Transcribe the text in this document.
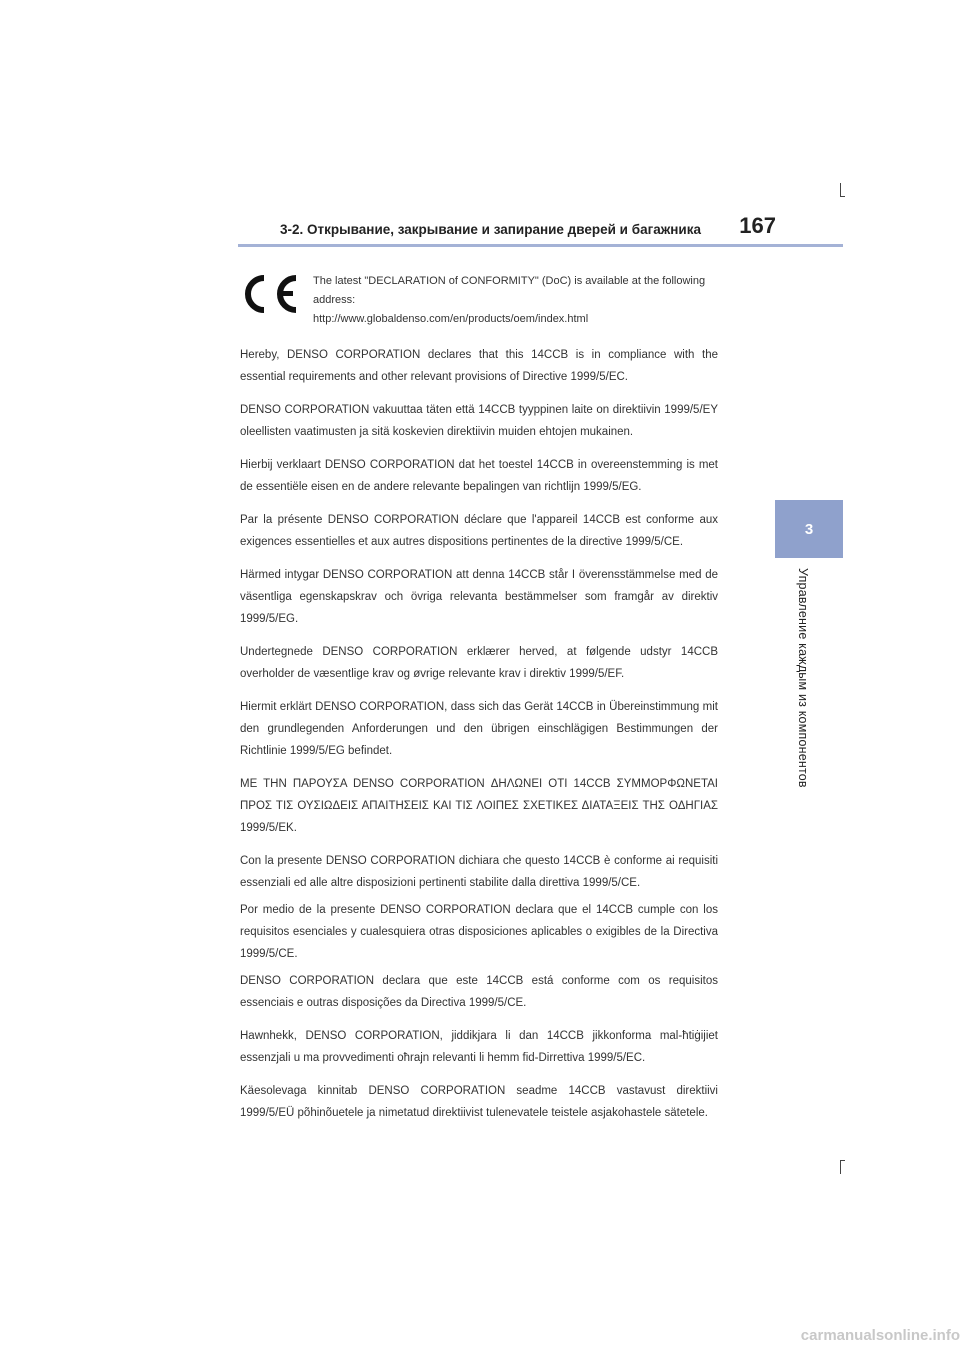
3-2. Открывание, закрывание и запирание дверей и багажника	167
3
Управление каждым из компонентов
The latest "DECLARATION of CONFORMITY" (DoC) is available at the following
address:
http://www.globaldenso.com/en/products/oem/index.html

Hereby, DENSO CORPORATION declares that this 14CCB is in compliance with the essential requirements and other relevant provisions of Directive 1999/5/EC.

DENSO CORPORATION vakuuttaa täten että 14CCB tyyppinen laite on direktiivin 1999/5/EY oleellisten vaatimusten ja sitä koskevien direktiivin muiden ehtojen mukainen.

Hierbij verklaart DENSO CORPORATION dat het toestel 14CCB in overeenstemming is met de essentiële eisen en de andere relevante bepalingen van richtlijn 1999/5/EG.

Par la présente DENSO CORPORATION déclare que l'appareil 14CCB est conforme aux exigences essentielles et aux autres dispositions pertinentes de la directive 1999/5/CE.

Härmed intygar DENSO CORPORATION att denna 14CCB står I överensstämmelse med de väsentliga egenskapskrav och övriga relevanta bestämmelser som framgår av direktiv 1999/5/EG.

Undertegnede DENSO CORPORATION erklærer herved, at følgende udstyr 14CCB overholder de væsentlige krav og øvrige relevante krav i direktiv 1999/5/EF.

Hiermit erklärt DENSO CORPORATION, dass sich das Gerät 14CCB in Übereinstimmung mit den grundlegenden Anforderungen und den übrigen einschlägigen Bestimmungen der Richtlinie 1999/5/EG befindet.

ΜΕ ΤΗΝ ΠΑΡΟΥΣΑ DENSO CORPORATION ΔΗΛΩΝΕΙ ΟΤΙ 14CCB ΣΥΜΜΟΡΦΩΝΕΤΑΙ ΠΡΟΣ ΤΙΣ ΟΥΣΙΩΔΕΙΣ ΑΠΑΙΤΗΣΕΙΣ ΚΑΙ ΤΙΣ ΛΟΙΠΕΣ ΣΧΕΤΙΚΕΣ ΔΙΑΤΑΞΕΙΣ ΤΗΣ ΟΔΗΓΙΑΣ 1999/5/ΕΚ.

Con la presente DENSO CORPORATION dichiara che questo 14CCB è conforme ai requisiti essenziali ed alle altre disposizioni pertinenti stabilite dalla direttiva 1999/5/CE.

Por medio de la presente DENSO CORPORATION declara que el 14CCB cumple con los requisitos esenciales y cualesquiera otras disposiciones aplicables o exigibles de la Directiva 1999/5/CE.

DENSO CORPORATION declara que este 14CCB está conforme com os requisitos essenciais e outras disposições da Directiva 1999/5/CE.

Hawnhekk, DENSO CORPORATION, jiddikjara li dan 14CCB jikkonforma mal-ħtiġijiet essenzjali u ma provvedimenti oħrajn relevanti li hemm fid-Dirrettiva 1999/5/EC.

Käesolevaga kinnitab DENSO CORPORATION seadme 14CCB vastavust direktiivi 1999/5/EÜ põhinõuetele ja nimetatud direktiivist tulenevatele teistele asjakohastele sätetele.

carmanualsonline.info
